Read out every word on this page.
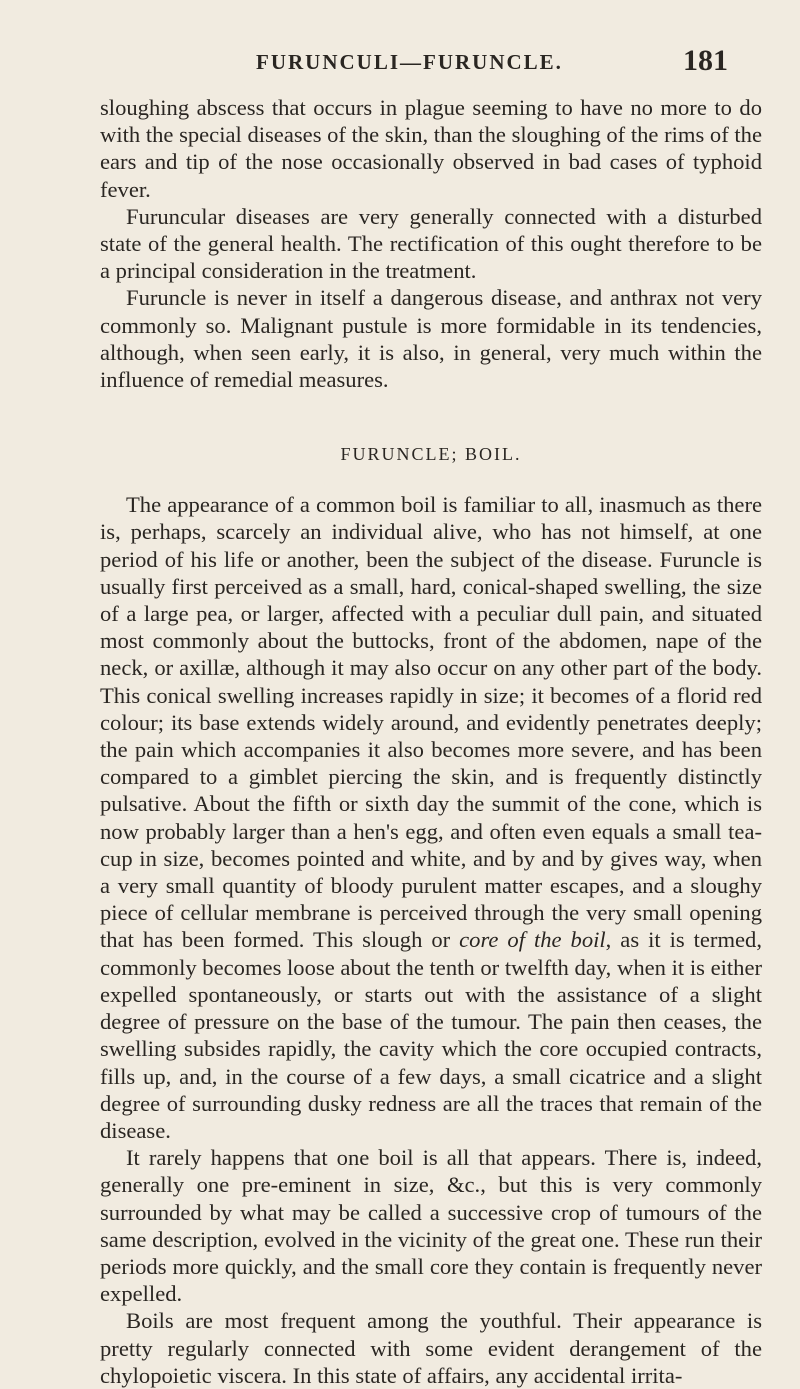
FURUNCULI—FURUNCLE.	181

sloughing abscess that occurs in plague seeming to have no more to do with the special diseases of the skin, than the sloughing of the rims of the ears and tip of the nose occasionally observed in bad cases of typhoid fever.

Furuncular diseases are very generally connected with a disturbed state of the general health. The rectification of this ought therefore to be a principal consideration in the treatment.

Furuncle is never in itself a dangerous disease, and anthrax not very commonly so. Malignant pustule is more formidable in its tendencies, although, when seen early, it is also, in general, very much within the influence of remedial measures.

FURUNCLE; BOIL.

The appearance of a common boil is familiar to all, inasmuch as there is, perhaps, scarcely an individual alive, who has not himself, at one period of his life or another, been the subject of the disease. Furuncle is usually first perceived as a small, hard, conical-shaped swelling, the size of a large pea, or larger, affected with a peculiar dull pain, and situated most commonly about the buttocks, front of the abdomen, nape of the neck, or axillæ, although it may also occur on any other part of the body. This conical swelling increases rapidly in size; it becomes of a florid red colour; its base extends widely around, and evidently penetrates deeply; the pain which accompanies it also becomes more severe, and has been compared to a gimblet piercing the skin, and is frequently distinctly pulsative. About the fifth or sixth day the summit of the cone, which is now probably larger than a hen's egg, and often even equals a small tea-cup in size, becomes pointed and white, and by and by gives way, when a very small quantity of bloody purulent matter escapes, and a sloughy piece of cellular membrane is perceived through the very small opening that has been formed. This slough or core of the boil, as it is termed, commonly becomes loose about the tenth or twelfth day, when it is either expelled spontaneously, or starts out with the assistance of a slight degree of pressure on the base of the tumour. The pain then ceases, the swelling subsides rapidly, the cavity which the core occupied contracts, fills up, and, in the course of a few days, a small cicatrice and a slight degree of surrounding dusky redness are all the traces that remain of the disease.

It rarely happens that one boil is all that appears. There is, indeed, generally one pre-eminent in size, &c., but this is very commonly surrounded by what may be called a successive crop of tumours of the same description, evolved in the vicinity of the great one. These run their periods more quickly, and the small core they contain is frequently never expelled.

Boils are most frequent among the youthful. Their appearance is pretty regularly connected with some evident derangement of the chylopoietic viscera. In this state of affairs, any accidental irrita-
